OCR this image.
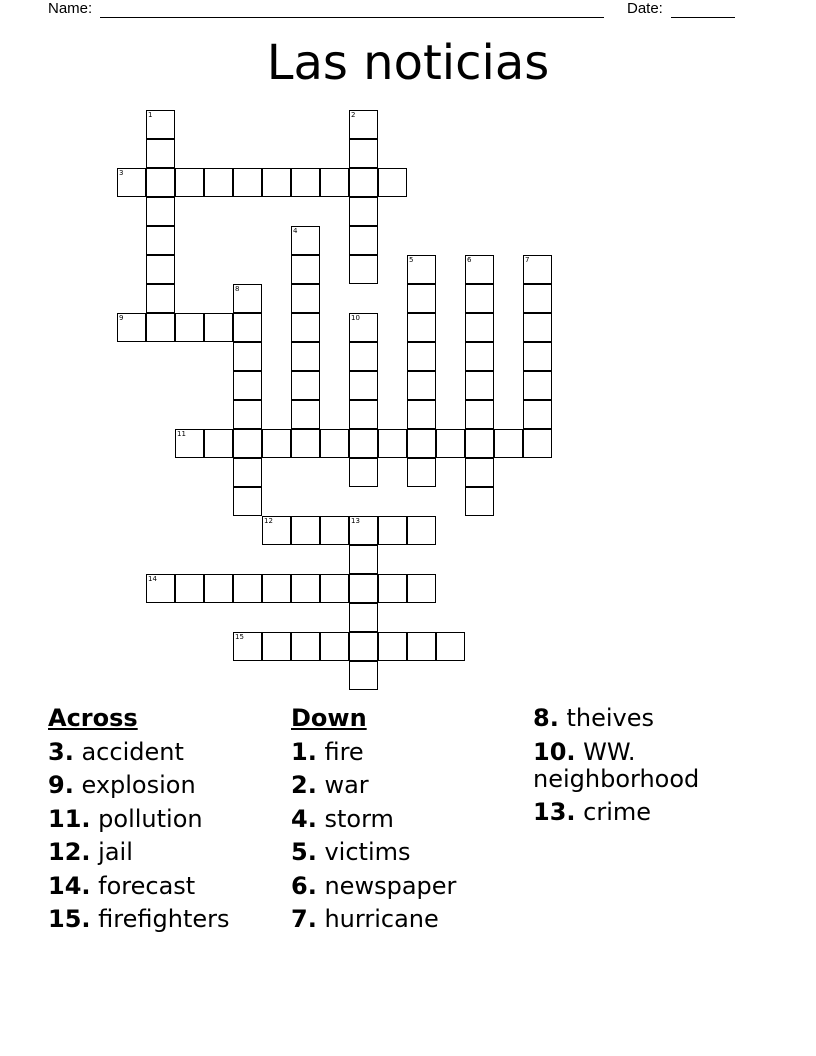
Name:	Date:
Las noticias
3
9
11
12	13
14
15
1	2
4
5	6	7
8
10
Across
3. accident
9. explosion
11. pollution
12. jail
14. forecast
15. firefighters
Down
1. fire
2. war
4. storm
5. victims
6. newspaper
7. hurricane
8. theives
10. WW. neighborhood
13. crime
